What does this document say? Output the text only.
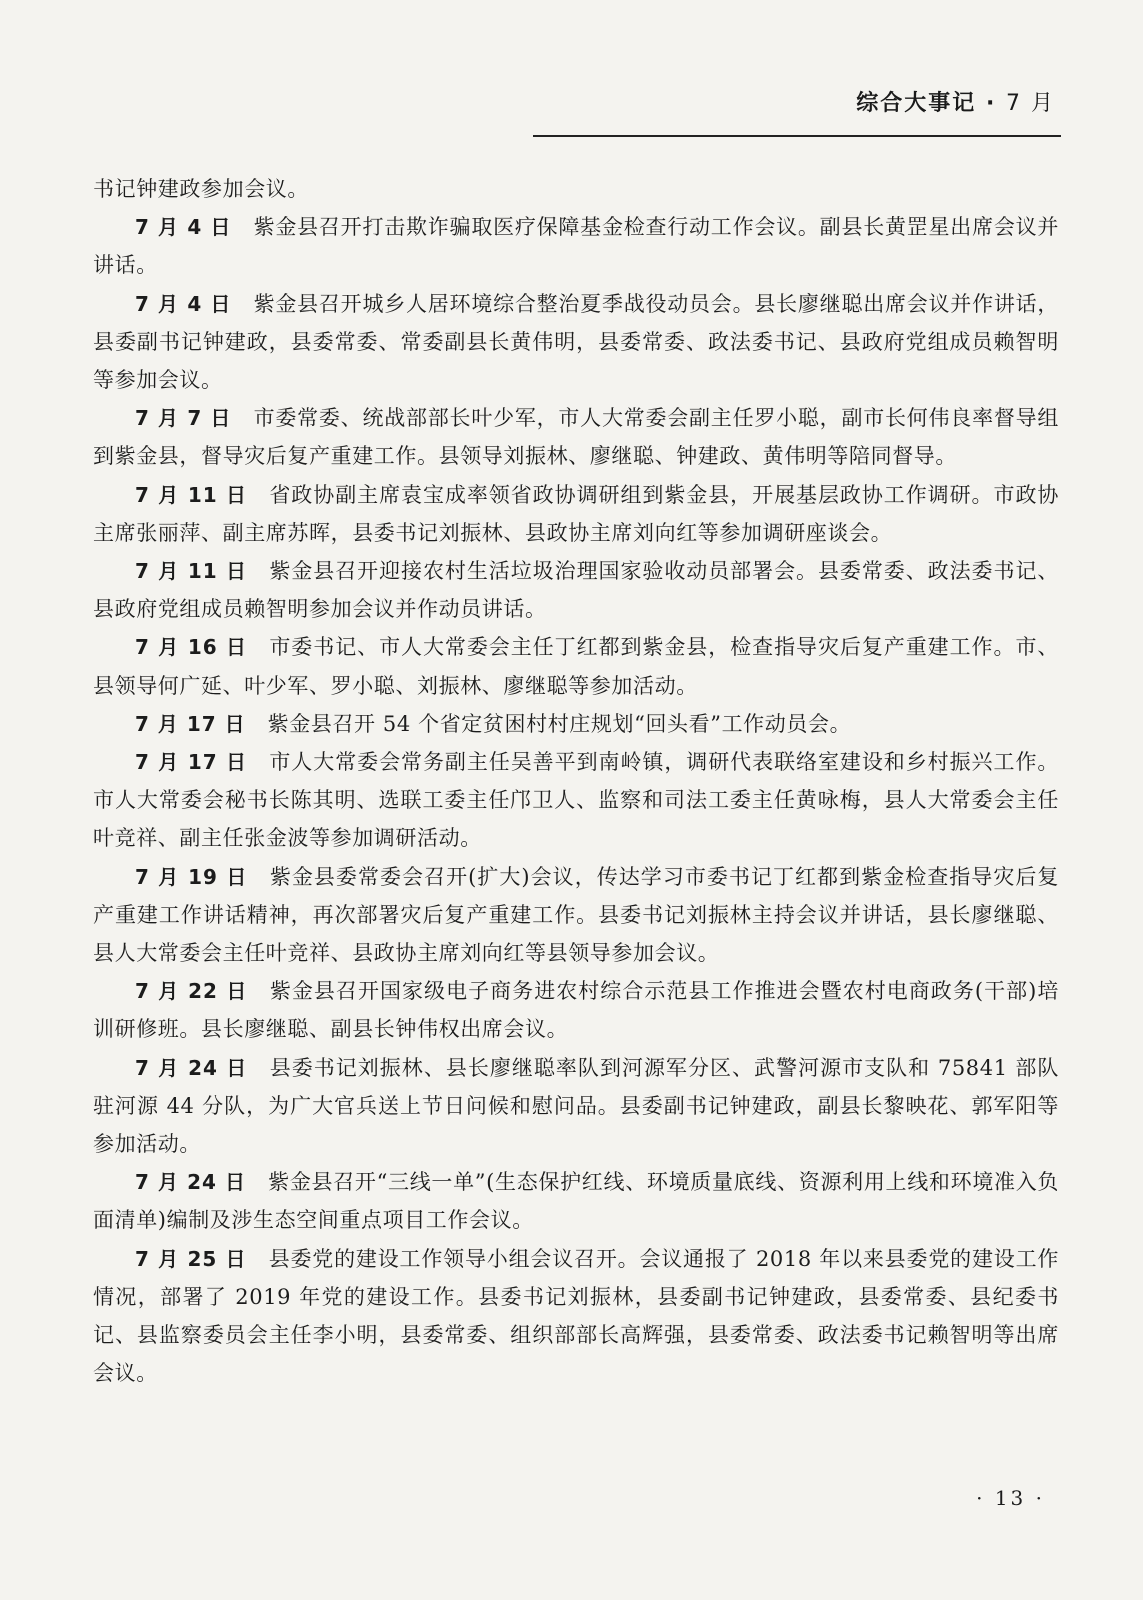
综合大事记 · 7 月

书记钟建政参加会议。

7 月 4 日 紫金县召开打击欺诈骗取医疗保障基金检查行动工作会议。副县长黄罡星出席会议并讲话。

7 月 4 日 紫金县召开城乡人居环境综合整治夏季战役动员会。县长廖继聪出席会议并作讲话，县委副书记钟建政，县委常委、常委副县长黄伟明，县委常委、政法委书记、县政府党组成员赖智明等参加会议。

7 月 7 日 市委常委、统战部部长叶少军，市人大常委会副主任罗小聪，副市长何伟良率督导组到紫金县，督导灾后复产重建工作。县领导刘振林、廖继聪、钟建政、黄伟明等陪同督导。

7 月 11 日 省政协副主席袁宝成率领省政协调研组到紫金县，开展基层政协工作调研。市政协主席张丽萍、副主席苏晖，县委书记刘振林、县政协主席刘向红等参加调研座谈会。

7 月 11 日 紫金县召开迎接农村生活垃圾治理国家验收动员部署会。县委常委、政法委书记、县政府党组成员赖智明参加会议并作动员讲话。

7 月 16 日 市委书记、市人大常委会主任丁红都到紫金县，检查指导灾后复产重建工作。市、县领导何广延、叶少军、罗小聪、刘振林、廖继聪等参加活动。

7 月 17 日 紫金县召开 54 个省定贫困村村庄规划“回头看”工作动员会。

7 月 17 日 市人大常委会常务副主任吴善平到南岭镇，调研代表联络室建设和乡村振兴工作。市人大常委会秘书长陈其明、选联工委主任邝卫人、监察和司法工委主任黄咏梅，县人大常委会主任叶竞祥、副主任张金波等参加调研活动。

7 月 19 日 紫金县委常委会召开(扩大)会议，传达学习市委书记丁红都到紫金检查指导灾后复产重建工作讲话精神，再次部署灾后复产重建工作。县委书记刘振林主持会议并讲话，县长廖继聪、县人大常委会主任叶竞祥、县政协主席刘向红等县领导参加会议。

7 月 22 日 紫金县召开国家级电子商务进农村综合示范县工作推进会暨农村电商政务(干部)培训研修班。县长廖继聪、副县长钟伟权出席会议。

7 月 24 日 县委书记刘振林、县长廖继聪率队到河源军分区、武警河源市支队和 75841 部队驻河源 44 分队，为广大官兵送上节日问候和慰问品。县委副书记钟建政，副县长黎映花、郭军阳等参加活动。

7 月 24 日 紫金县召开“三线一单”(生态保护红线、环境质量底线、资源利用上线和环境准入负面清单)编制及涉生态空间重点项目工作会议。

7 月 25 日 县委党的建设工作领导小组会议召开。会议通报了 2018 年以来县委党的建设工作情况，部署了 2019 年党的建设工作。县委书记刘振林，县委副书记钟建政，县委常委、县纪委书记、县监察委员会主任李小明，县委常委、组织部部长高辉强，县委常委、政法委书记赖智明等出席会议。

· 13 ·
